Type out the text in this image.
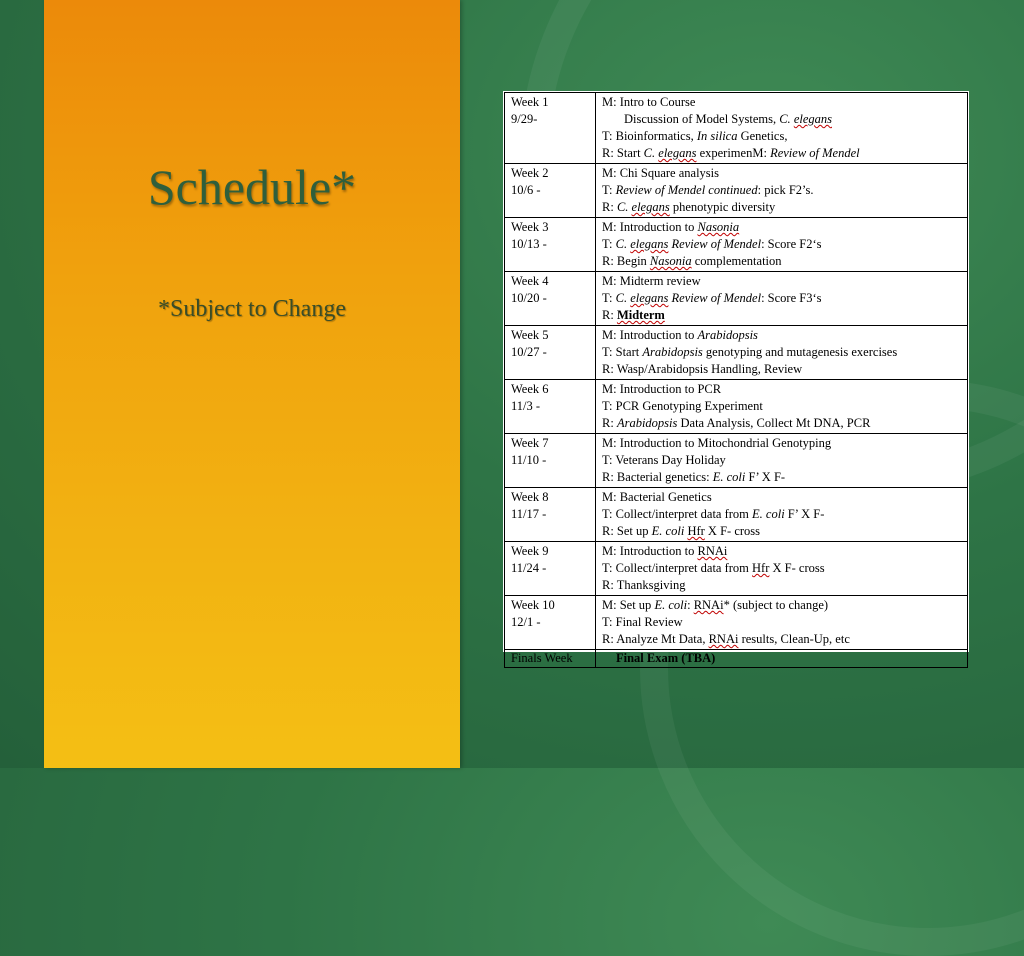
Schedule*
*Subject to Change
Week 1
9/29-	M: Intro to Course
Discussion of Model Systems, C. elegans
T: Bioinformatics, In silica Genetics,
R: Start C. elegans experimenM: Review of Mendel

Week 2
10/6 -	M: Chi Square analysis
T: Review of Mendel continued: pick F2’s.
R: C. elegans phenotypic diversity

Week 3
10/13 -	M: Introduction to Nasonia
T: C. elegans Review of Mendel: Score F2‘s
R: Begin Nasonia complementation

Week 4
10/20 -	M: Midterm review
T: C. elegans Review of Mendel: Score F3‘s
R: Midterm

Week 5
10/27 -	M: Introduction to Arabidopsis
T: Start Arabidopsis genotyping and mutagenesis exercises
R: Wasp/Arabidopsis Handling, Review

Week 6
11/3 -	M: Introduction to PCR
T: PCR Genotyping Experiment
R: Arabidopsis Data Analysis, Collect Mt DNA, PCR

Week 7
11/10 -	M: Introduction to Mitochondrial Genotyping
T: Veterans Day Holiday
R: Bacterial genetics: E. coli F’ X F-

Week 8
11/17 -	M: Bacterial Genetics
T: Collect/interpret data from E. coli F’ X F-
R: Set up E. coli Hfr X F- cross

Week 9
11/24 -	M: Introduction to RNAi
T: Collect/interpret data from Hfr X F- cross
R: Thanksgiving

Week 10
12/1 -	M: Set up E. coli: RNAi* (subject to change)
T: Final Review
R: Analyze Mt Data, RNAi results, Clean-Up, etc

Finals Week	Final Exam (TBA)
